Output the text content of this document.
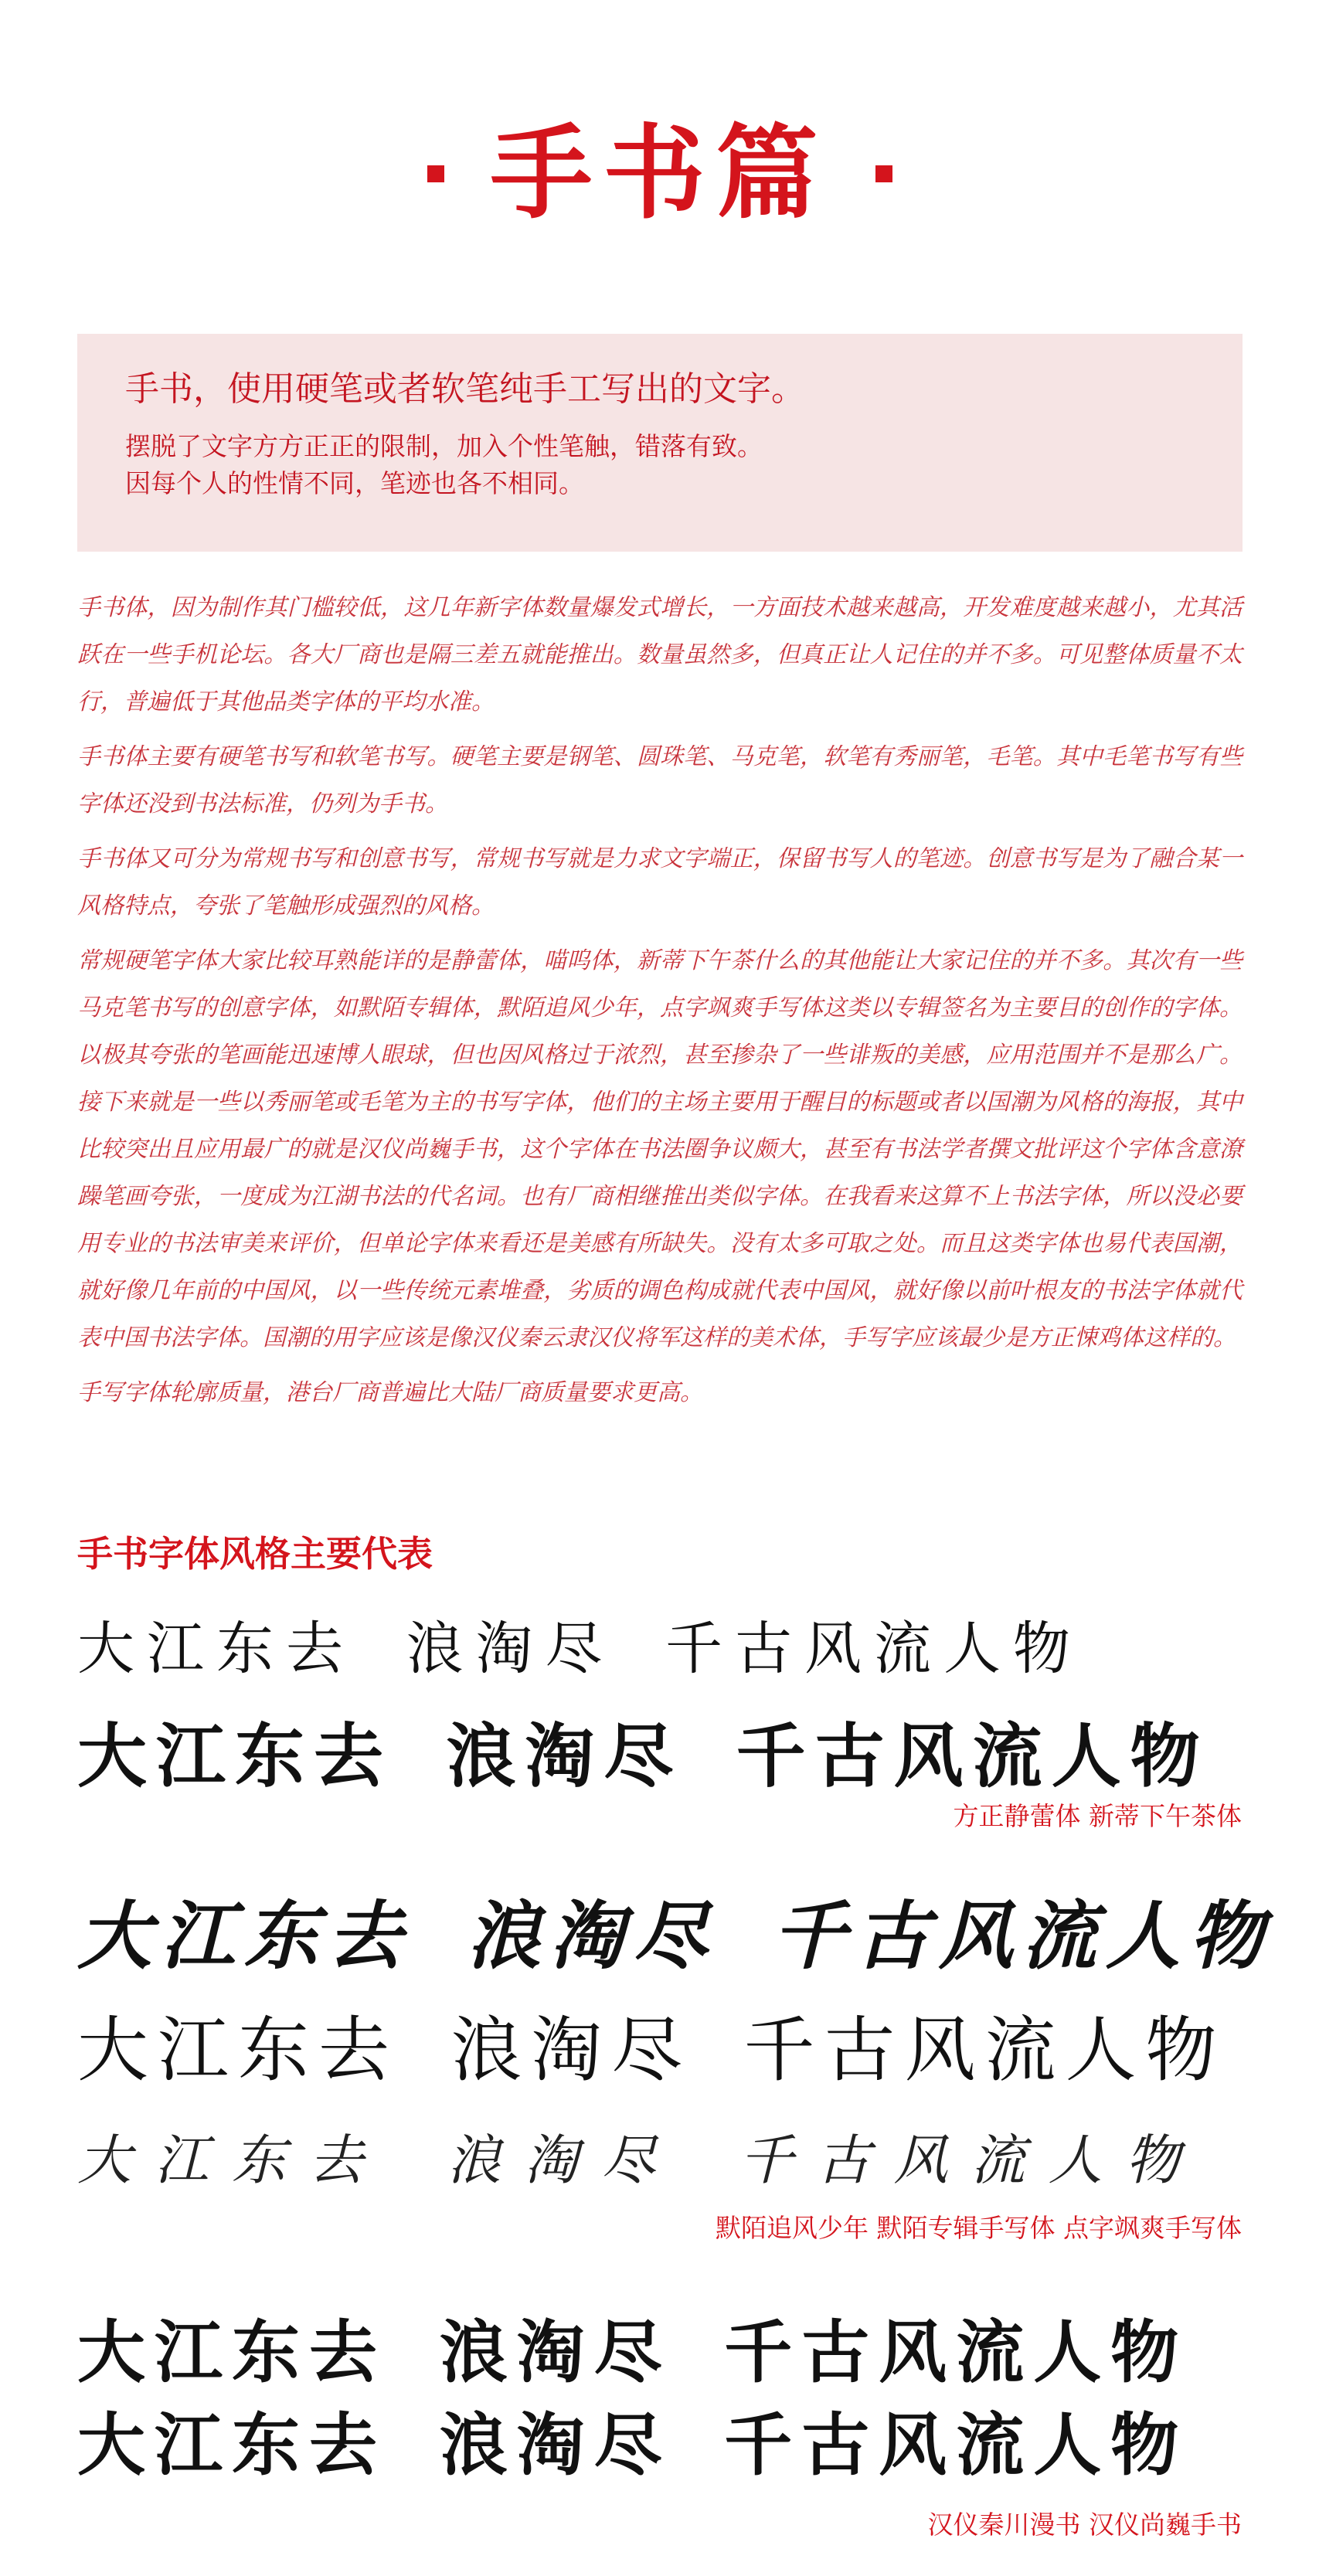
手书篇

手书，使用硬笔或者软笔纯手工写出的文字。

摆脱了文字方方正正的限制，加入个性笔触，错落有致。

因每个人的性情不同，笔迹也各不相同。

手书体，因为制作其门槛较低，这几年新字体数量爆发式增长，一方面技术越来越高，开发难度越来越小，尤其活跃在一些手机论坛。各大厂商也是隔三差五就能推出。数量虽然多，但真正让人记住的并不多。可见整体质量不太行，普遍低于其他品类字体的平均水准。

手书体主要有硬笔书写和软笔书写。硬笔主要是钢笔、圆珠笔、马克笔，软笔有秀丽笔，毛笔。其中毛笔书写有些字体还没到书法标准，仍列为手书。

手书体又可分为常规书写和创意书写，常规书写就是力求文字端正，保留书写人的笔迹。创意书写是为了融合某一风格特点，夸张了笔触形成强烈的风格。

常规硬笔字体大家比较耳熟能详的是静蕾体，喵呜体，新蒂下午茶什么的其他能让大家记住的并不多。其次有一些马克笔书写的创意字体，如默陌专辑体，默陌追风少年，点字飒爽手写体这类以专辑签名为主要目的创作的字体。以极其夸张的笔画能迅速博人眼球，但也因风格过于浓烈，甚至掺杂了一些诽叛的美感，应用范围并不是那么广。接下来就是一些以秀丽笔或毛笔为主的书写字体，他们的主场主要用于醒目的标题或者以国潮为风格的海报，其中比较突出且应用最广的就是汉仪尚巍手书，这个字体在书法圈争议颇大，甚至有书法学者撰文批评这个字体含意潦躁笔画夸张，一度成为江湖书法的代名词。也有厂商相继推出类似字体。在我看来这算不上书法字体，所以没必要用专业的书法审美来评价，但单论字体来看还是美感有所缺失。没有太多可取之处。而且这类字体也易代表国潮，就好像几年前的中国风，以一些传统元素堆叠，劣质的调色构成就代表中国风，就好像以前叶根友的书法字体就代表中国书法字体。国潮的用字应该是像汉仪秦云隶汉仪将军这样的美术体，手写字应该最少是方正悚鸡体这样的。

手写字体轮廓质量，港台厂商普遍比大陆厂商质量要求更高。

手书字体风格主要代表
大江东去 浪淘尽 千古风流人物
大江东去 浪淘尽 千古风流人物
方正静蕾体 新蒂下午茶体
大江东去 浪淘尽 千古风流人物
大江东去 浪淘尽 千古风流人物
大江东去 浪淘尽 千古风流人物
默陌追风少年 默陌专辑手写体 点字飒爽手写体
大江东去 浪淘尽 千古风流人物
大江东去 浪淘尽 千古风流人物
汉仪秦川漫书 汉仪尚巍手书
